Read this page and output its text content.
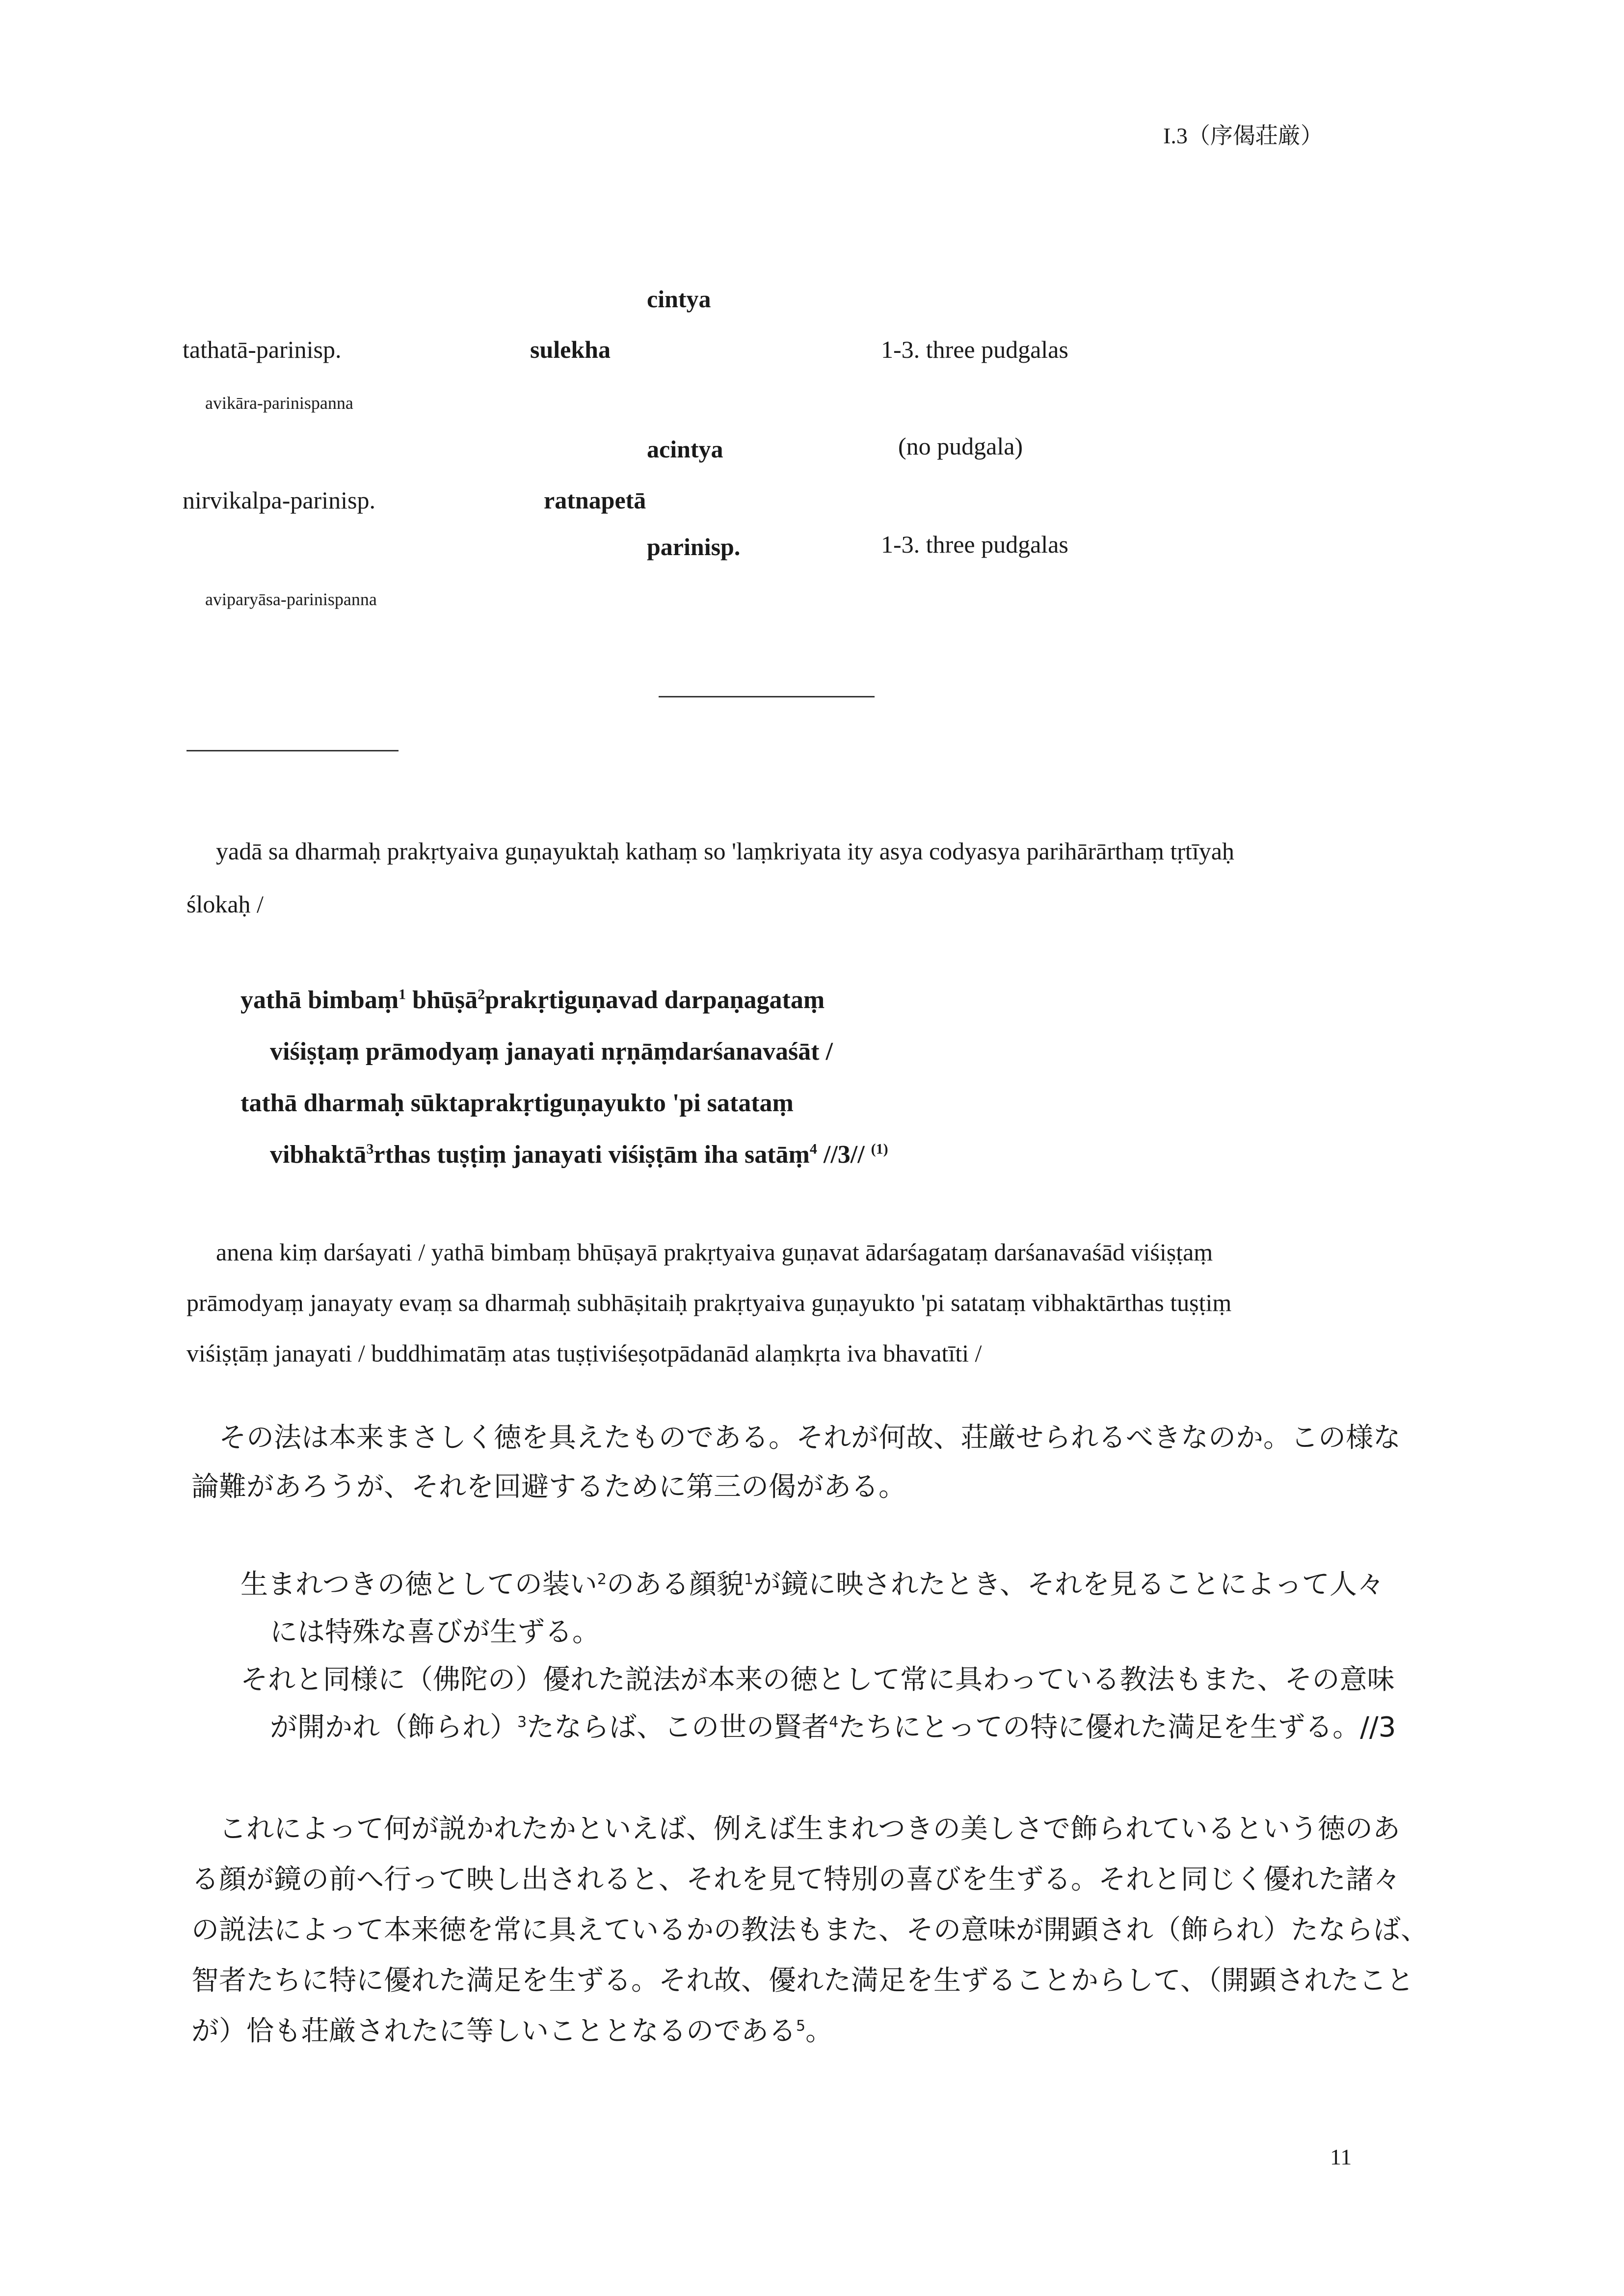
I.3（序偈荘厳）
cintya
tathatā-parinisp.	sulekha	1-3. three pudgalas
avikāra-parinispanna
acintya	(no pudgala)
nirvikalpa-parinisp.	ratnapetā
parinisp.	1-3. three pudgalas
aviparyāsa-parinispanna
yadā sa dharmaḥ prakṛtyaiva guṇayuktaḥ kathaṃ so 'laṃkriyata ity asya codyasya parihārārthaṃ tṛtīyaḥ
ślokaḥ /
yathā bimbaṃ$^1$ bhūṣā$^2$prakṛtiguṇavad darpaṇagataṃ
viśiṣṭaṃ prāmodyaṃ janayati nṛṇāṃdarśanavaśāt /
tathā dharmaḥ sūktaprakṛtiguṇayukto 'pi satataṃ
vibhaktā$^3$rthas tuṣṭiṃ janayati viśiṣṭām iha satāṃ$^4$ //3// $^{(1)}$
anena kiṃ darśayati / yathā bimbaṃ bhūṣayā prakṛtyaiva guṇavat ādarśagataṃ darśanavaśād viśiṣṭaṃ
prāmodyaṃ janayaty evaṃ sa dharmaḥ subhāṣitaiḥ prakṛtyaiva guṇayukto 'pi satataṃ vibhaktārthas tuṣṭiṃ
viśiṣṭāṃ janayati / buddhimatāṃ atas tuṣṭiviśeṣotpādanād alaṃkṛta iva bhavatīti /
その法は本来まさしく徳を具えたものである。それが何故、荘厳せられるべきなのか。この様な
論難があろうが、それを回避するために第三の偈がある。
生まれつきの徳としての装い$^2$のある顔貌$^1$が鏡に映されたとき、それを見ることによって人々
には特殊な喜びが生ずる。
それと同様に（佛陀の）優れた説法が本来の徳として常に具わっている教法もまた、その意味
が開かれ（飾られ）$^3$たならば、この世の賢者$^4$たちにとっての特に優れた満足を生ずる。//3
これによって何が説かれたかといえば、例えば生まれつきの美しさで飾られているという徳のあ
る顔が鏡の前へ行って映し出されると、それを見て特別の喜びを生ずる。それと同じく優れた諸々
の説法によって本来徳を常に具えているかの教法もまた、その意味が開顕され（飾られ）たならば、
智者たちに特に優れた満足を生ずる。それ故、優れた満足を生ずることからして、（開顕されたこと
が）恰も荘厳されたに等しいこととなるのである$^5$。
11
